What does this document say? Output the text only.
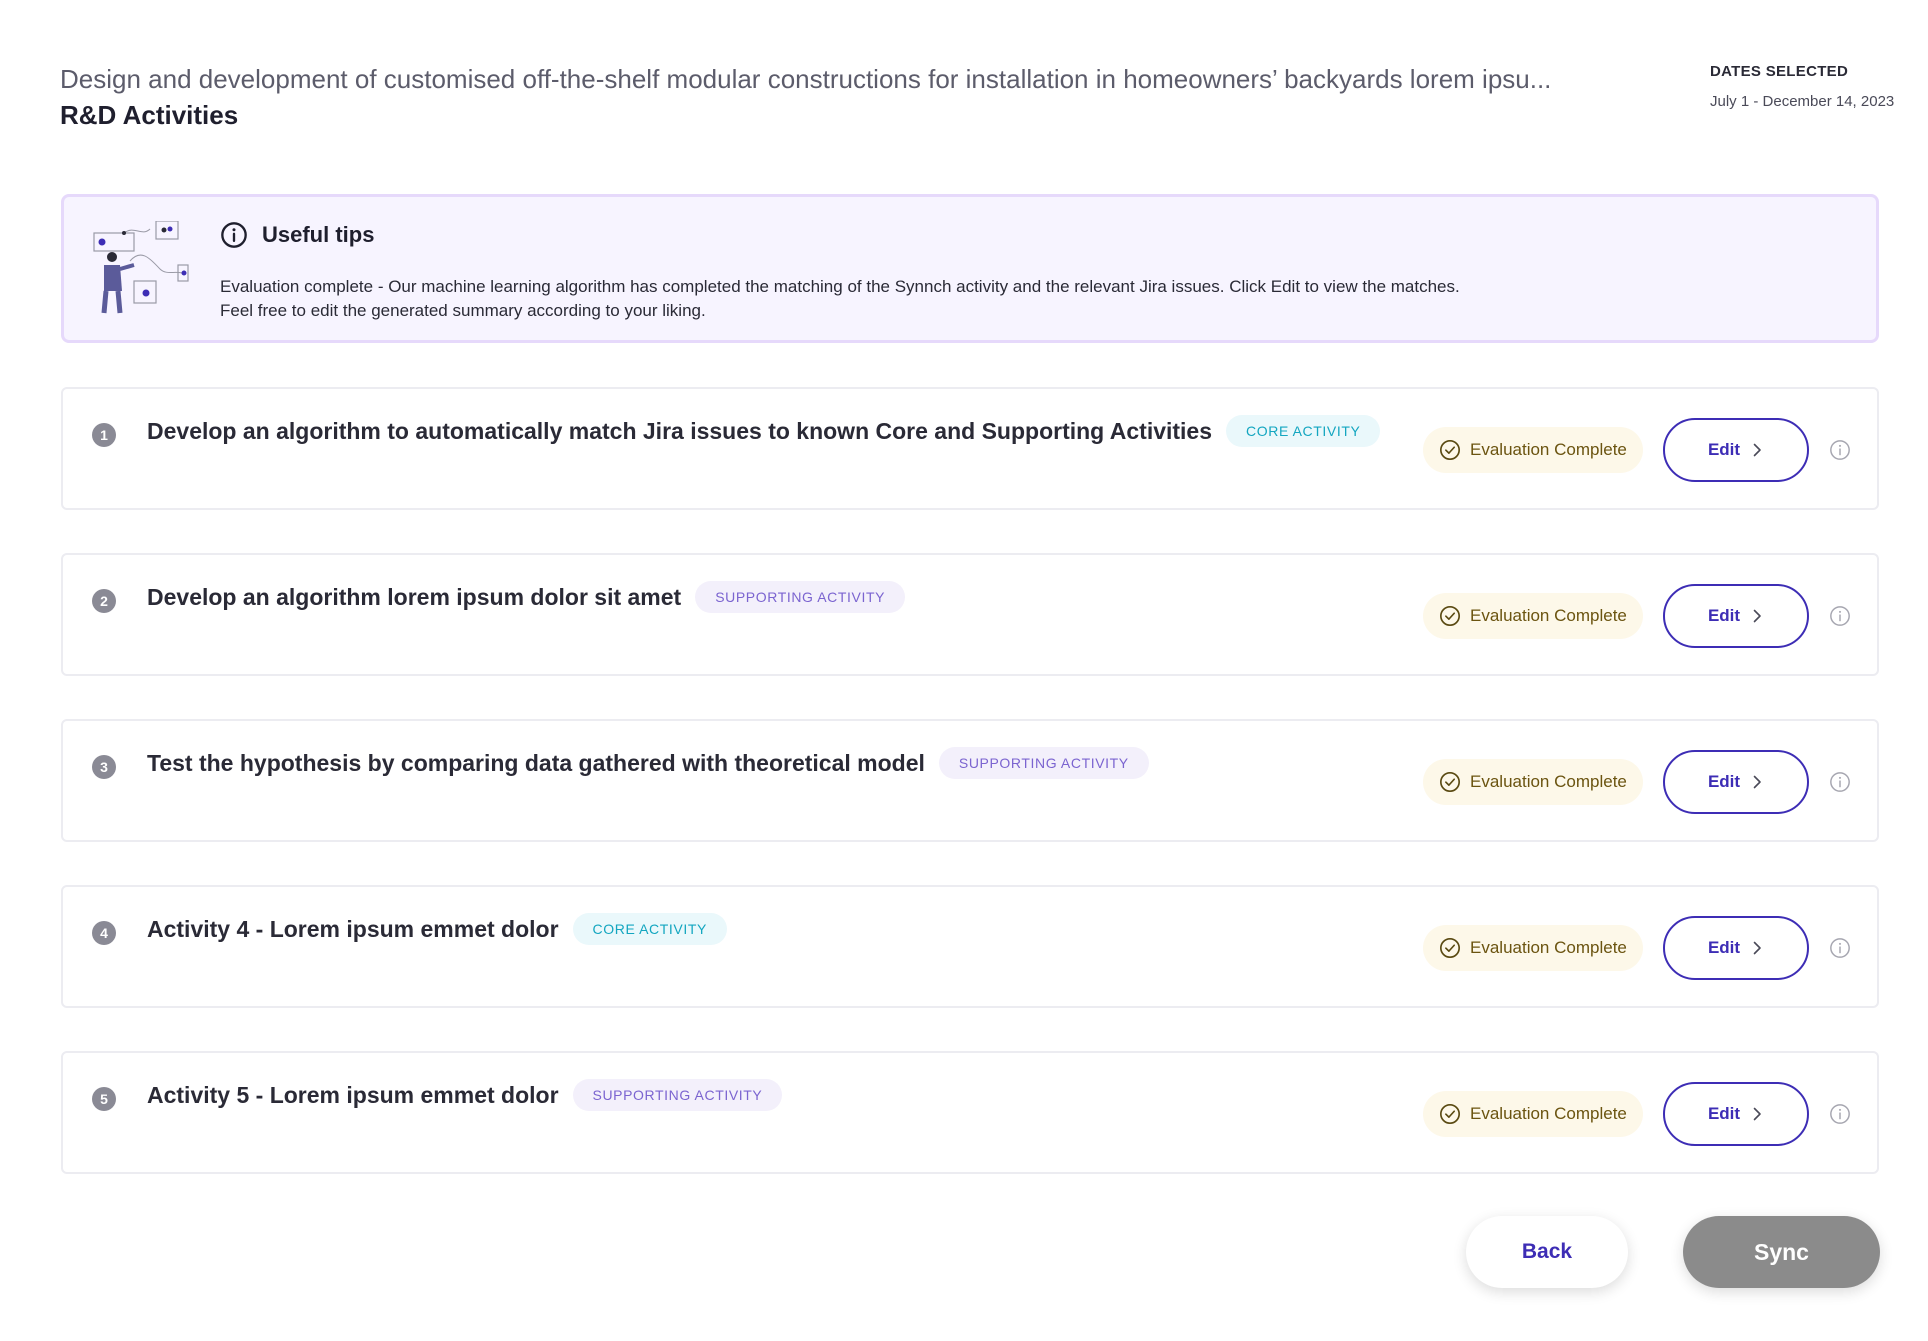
Design and development of customised off-the-shelf modular constructions for installation in homeowners’ backyards lorem ipsu...
R&D Activities
DATES SELECTED
July 1 - December 14, 2023
Useful tips
Evaluation complete - Our machine learning algorithm has completed the matching of the Synnch activity and the relevant Jira issues. Click Edit to view the matches.
Feel free to edit the generated summary according to your liking.
1	Develop an algorithm to automatically match Jira issues to known Core and Supporting Activities	CORE ACTIVITY
Evaluation Complete	Edit
2	Develop an algorithm lorem ipsum dolor sit amet	SUPPORTING ACTIVITY
Evaluation Complete	Edit
3	Test the hypothesis by comparing data gathered with theoretical model	SUPPORTING ACTIVITY
Evaluation Complete	Edit
4	Activity 4 - Lorem ipsum emmet dolor	CORE ACTIVITY
Evaluation Complete	Edit
5	Activity 5 - Lorem ipsum emmet dolor	SUPPORTING ACTIVITY
Evaluation Complete	Edit
Back	Sync
